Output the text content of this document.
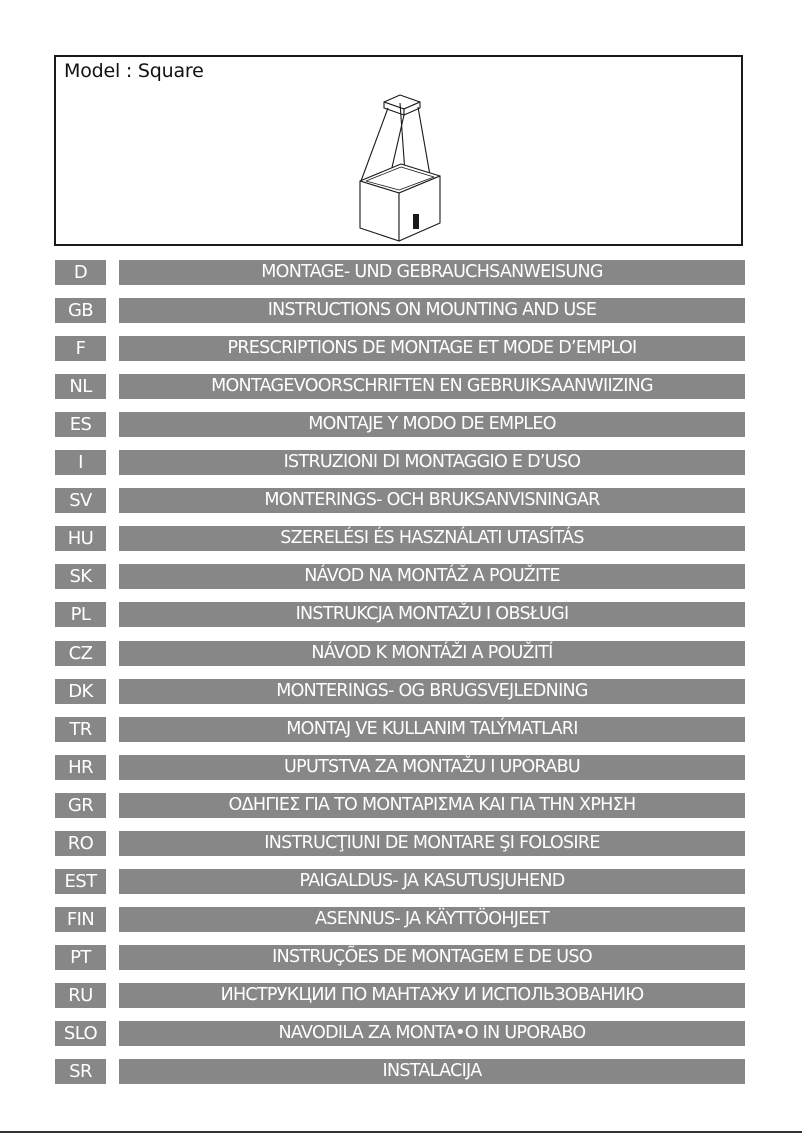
Model : Square
D	MONTAGE- UND GEBRAUCHSANWEISUNG
GB	INSTRUCTIONS ON MOUNTING AND USE
F	PRESCRIPTIONS DE MONTAGE ET MODE D’EMPLOI
NL	MONTAGEVOORSCHRIFTEN EN GEBRUIKSAANWIIZING
ES	MONTAJE Y MODO DE EMPLEO
I	ISTRUZIONI DI MONTAGGIO E D’USO
SV	MONTERINGS- OCH BRUKSANVISNINGAR
HU	SZERELÉSI ÉS HASZNÁLATI UTASÍTÁS
SK	NÁVOD NA MONTÁŽ A POUŽITE
PL	INSTRUKCJA MONTAŽU I OBSŁUGI
CZ	NÁVOD K MONTÁŽI A POUŽITÍ
DK	MONTERINGS- OG BRUGSVEJLEDNING
TR	MONTAJ VE KULLANIM TALÝMATLARI
HR	UPUTSTVA ZA MONTAŽU I UPORABU
GR	ΟΔΗΓΙΕΣ ΓΙΑ ΤΟ ΜΟΝΤΑΡΙΣΜΑ ΚΑΙ ΓΙΑ ΤΗΝ ΧΡΗΣΗ
RO	INSTRUCŢIUNI DE MONTARE ŞI FOLOSIRE
EST	PAIGALDUS- JA KASUTUSJUHEND
FIN	ASENNUS- JA KÄYTTÖOHJEET
PT	INSTRUÇÕES DE MONTAGEM E DE USO
RU	ИНСТРУКЦИИ ПО МАНТАЖУ И ИСПОЛЬЗОВАНИЮ
SLO	NAVODILA ZA MONTA•O IN UPORABO
SR	INSTALACIJA
